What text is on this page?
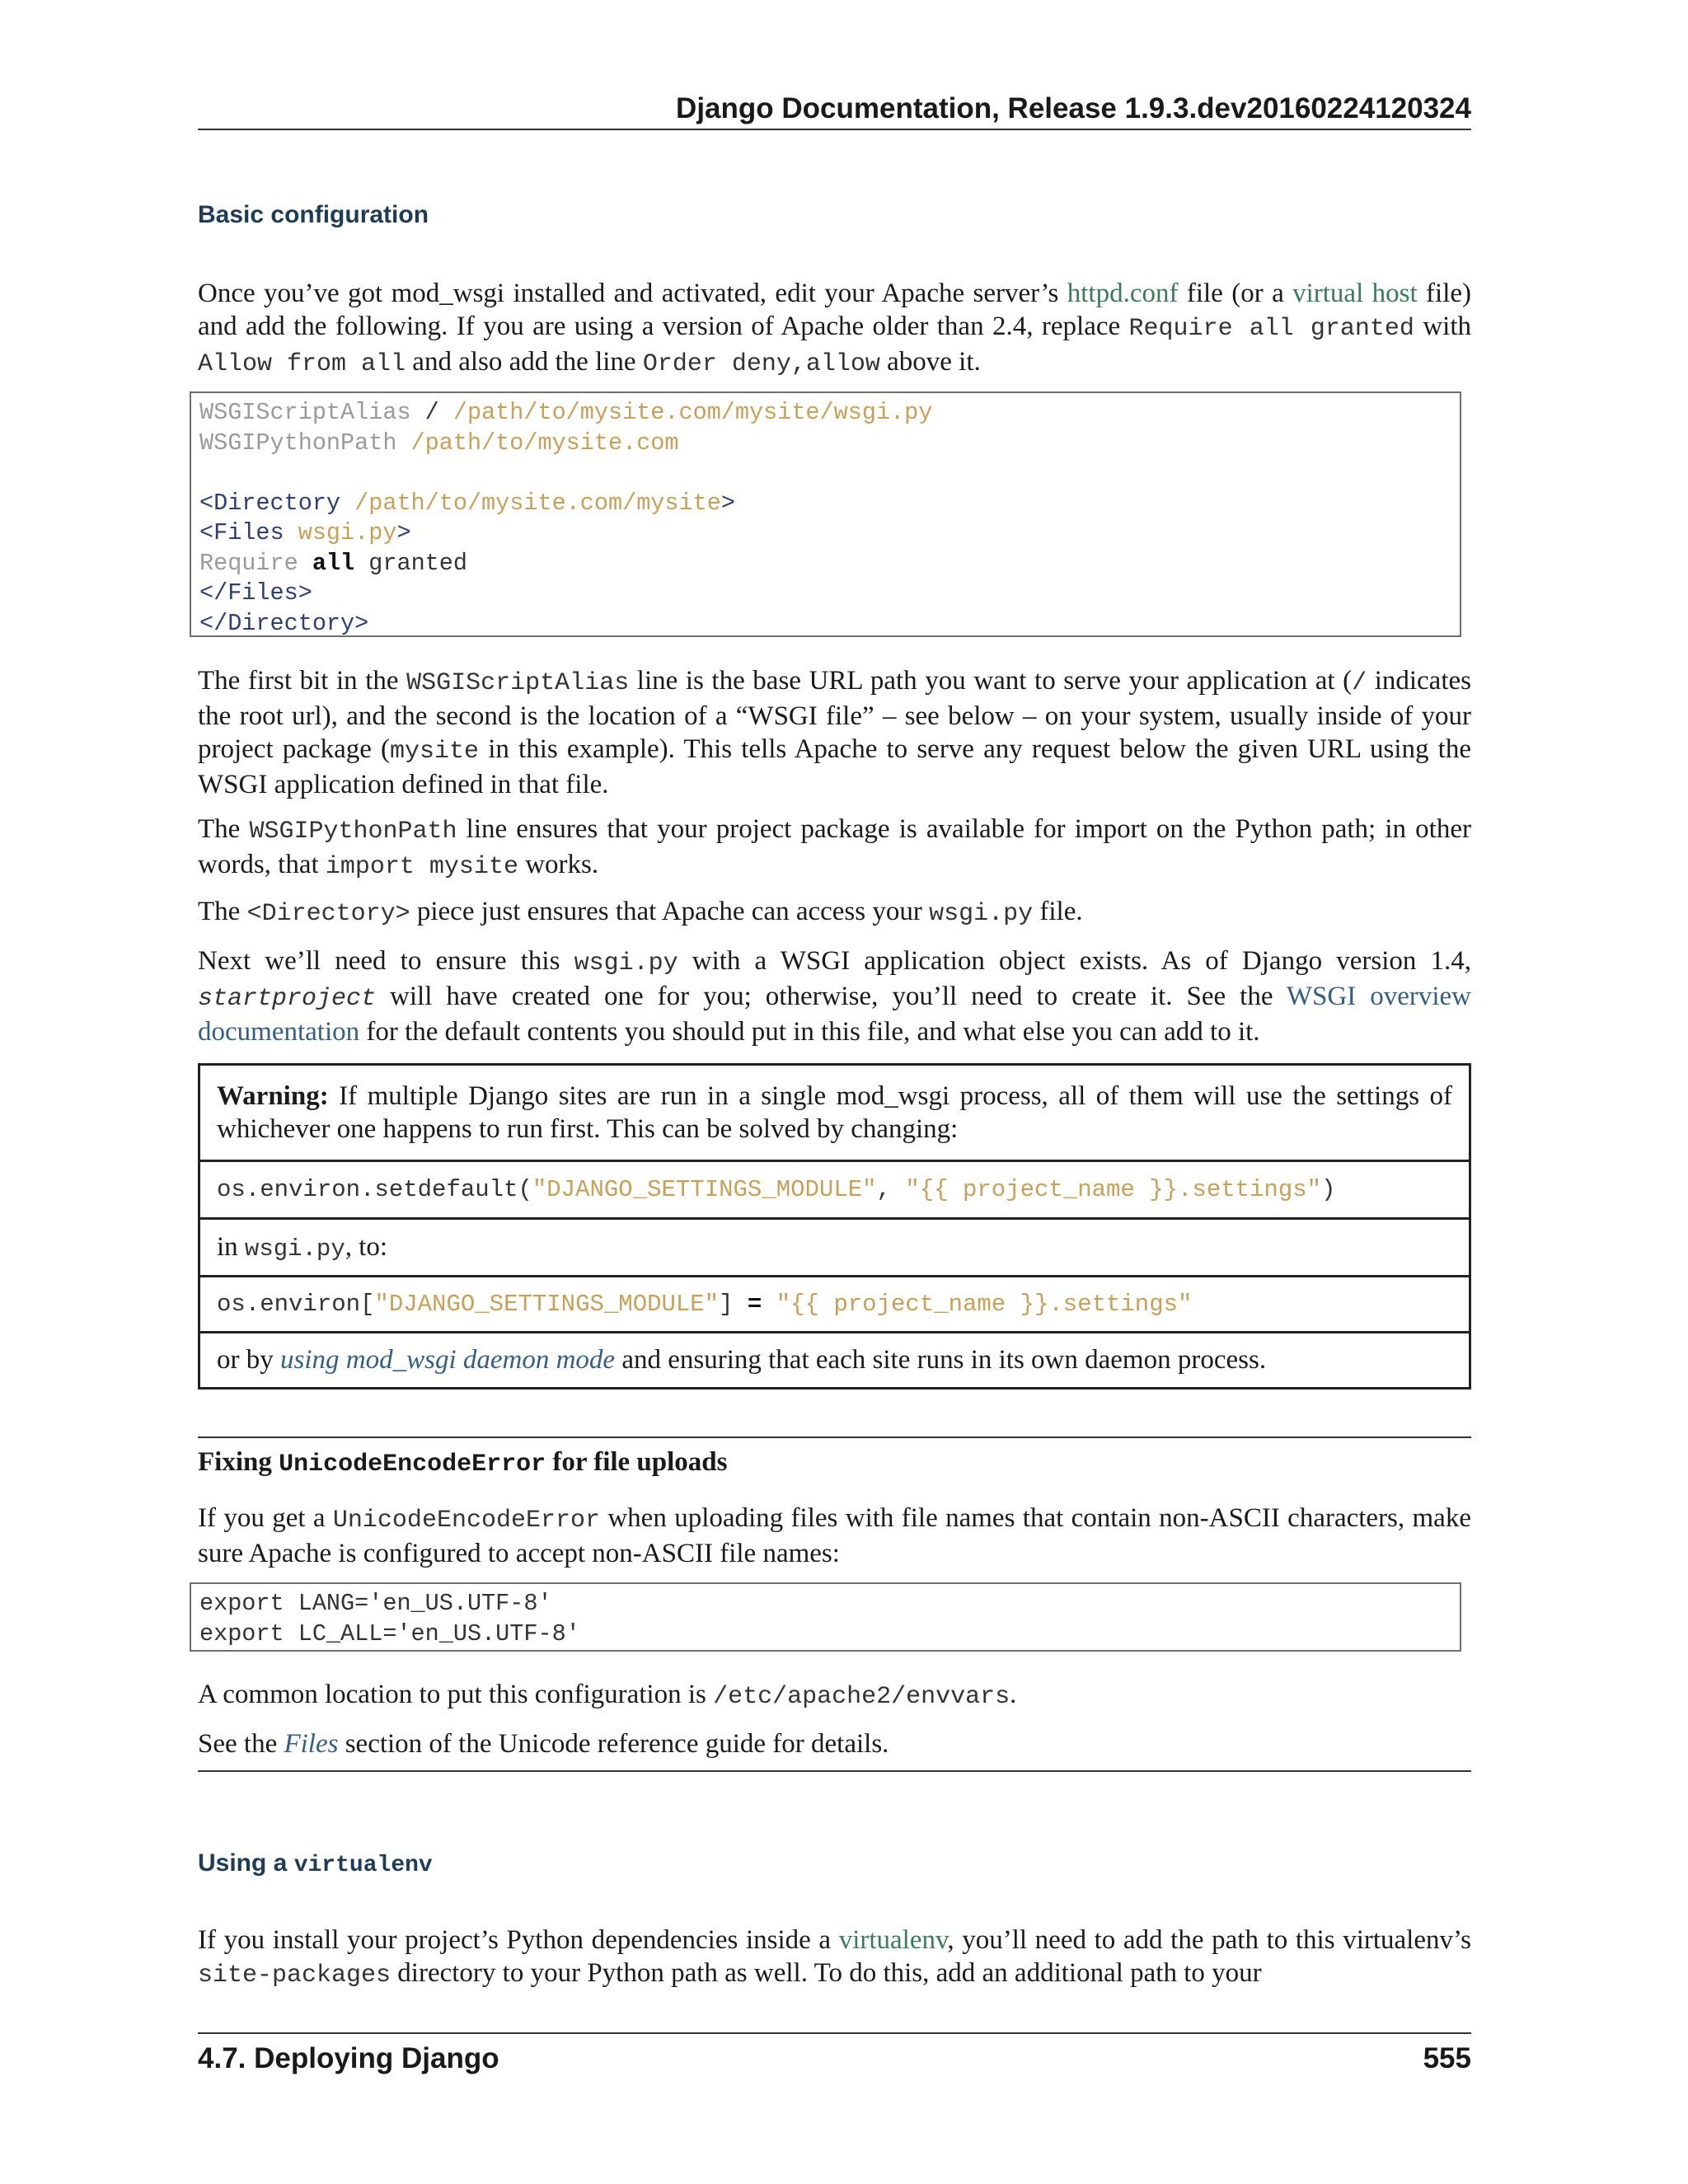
Django Documentation, Release 1.9.3.dev20160224120324
Basic configuration
Once you’ve got mod_wsgi installed and activated, edit your Apache server’s httpd.conf file (or a virtual host file) and add the following. If you are using a version of Apache older than 2.4, replace Require all granted with Allow from all and also add the line Order deny,allow above it.
WSGIScriptAlias / /path/to/mysite.com/mysite/wsgi.py
WSGIPythonPath /path/to/mysite.com
<Directory /path/to/mysite.com/mysite>
<Files wsgi.py>
Require all granted
</Files>
</Directory>
The first bit in the WSGIScriptAlias line is the base URL path you want to serve your application at (/ indicates the root url), and the second is the location of a “WSGI file” – see below – on your system, usually inside of your project package (mysite in this example). This tells Apache to serve any request below the given URL using the WSGI application defined in that file.
The WSGIPythonPath line ensures that your project package is available for import on the Python path; in other words, that import mysite works.
The <Directory> piece just ensures that Apache can access your wsgi.py file.
Next we’ll need to ensure this wsgi.py with a WSGI application object exists. As of Django version 1.4, startproject will have created one for you; otherwise, you’ll need to create it. See the WSGI overview documentation for the default contents you should put in this file, and what else you can add to it.
Warning: If multiple Django sites are run in a single mod_wsgi process, all of them will use the settings of whichever one happens to run first. This can be solved by changing:
os.environ.setdefault("DJANGO_SETTINGS_MODULE", "{{ project_name }}.settings")
in wsgi.py, to:
os.environ["DJANGO_SETTINGS_MODULE"] = "{{ project_name }}.settings"
or by using mod_wsgi daemon mode and ensuring that each site runs in its own daemon process.
Fixing UnicodeEncodeError for file uploads
If you get a UnicodeEncodeError when uploading files with file names that contain non-ASCII characters, make sure Apache is configured to accept non-ASCII file names:
export LANG='en_US.UTF-8'
export LC_ALL='en_US.UTF-8'
A common location to put this configuration is /etc/apache2/envvars.
See the Files section of the Unicode reference guide for details.
Using a virtualenv
If you install your project’s Python dependencies inside a virtualenv, you’ll need to add the path to this virtualenv’s site-packages directory to your Python path as well. To do this, add an additional path to your
4.7. Deploying Django	555
